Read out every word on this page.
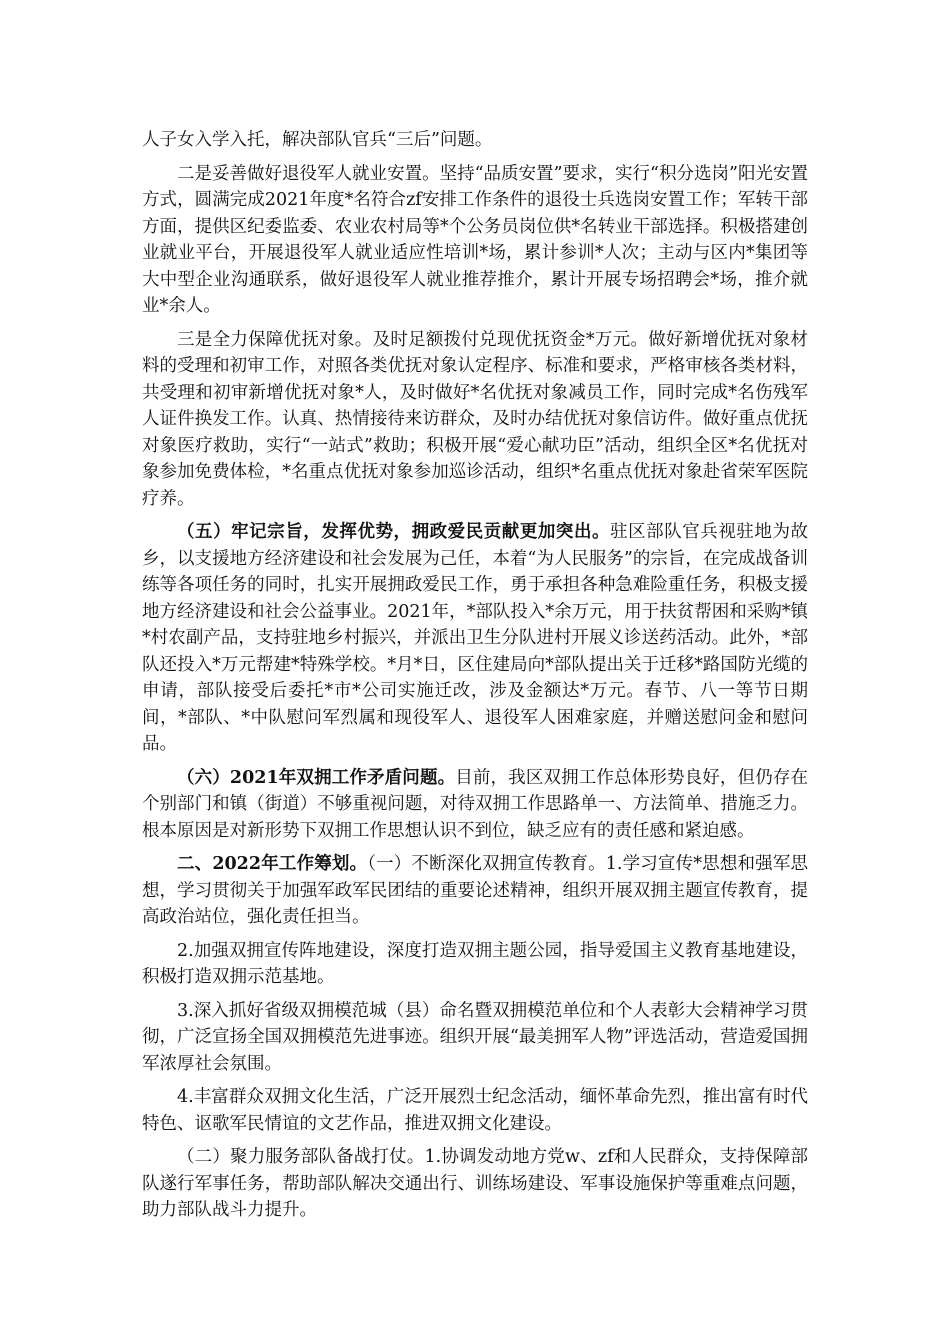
人子女入学入托，解决部队官兵“三后”问题。

二是妥善做好退役军人就业安置。坚持“品质安置”要求，实行“积分选岗”阳光安置方式，圆满完成2021年度*名符合zf安排工作条件的退役士兵选岗安置工作；军转干部方面，提供区纪委监委、农业农村局等*个公务员岗位供*名转业干部选择。积极搭建创业就业平台，开展退役军人就业适应性培训*场，累计参训*人次；主动与区内*集团等大中型企业沟通联系，做好退役军人就业推荐推介，累计开展专场招聘会*场，推介就业*余人。

三是全力保障优抚对象。及时足额拨付兑现优抚资金*万元。做好新增优抚对象材料的受理和初审工作，对照各类优抚对象认定程序、标准和要求，严格审核各类材料，共受理和初审新增优抚对象*人，及时做好*名优抚对象减员工作，同时完成*名伤残军人证件换发工作。认真、热情接待来访群众，及时办结优抚对象信访件。做好重点优抚对象医疗救助，实行“一站式”救助；积极开展“爱心献功臣”活动，组织全区*名优抚对象参加免费体检，*名重点优抚对象参加巡诊活动，组织*名重点优抚对象赴省荣军医院疗养。

（五）牢记宗旨，发挥优势，拥政爱民贡献更加突出。驻区部队官兵视驻地为故乡，以支援地方经济建设和社会发展为己任，本着“为人民服务”的宗旨，在完成战备训练等各项任务的同时，扎实开展拥政爱民工作，勇于承担各种急难险重任务，积极支援地方经济建设和社会公益事业。2021年，*部队投入*余万元，用于扶贫帮困和采购*镇*村农副产品，支持驻地乡村振兴，并派出卫生分队进村开展义诊送药活动。此外，*部队还投入*万元帮建*特殊学校。*月*日，区住建局向*部队提出关于迁移*路国防光缆的申请，部队接受后委托*市*公司实施迁改，涉及金额达*万元。春节、八一等节日期间，*部队、*中队慰问军烈属和现役军人、退役军人困难家庭，并赠送慰问金和慰问品。

（六）2021年双拥工作矛盾问题。目前，我区双拥工作总体形势良好，但仍存在个别部门和镇（街道）不够重视问题，对待双拥工作思路单一、方法简单、措施乏力。根本原因是对新形势下双拥工作思想认识不到位，缺乏应有的责任感和紧迫感。

二、2022年工作筹划。（一）不断深化双拥宣传教育。1.学习宣传*思想和强军思想，学习贯彻关于加强军政军民团结的重要论述精神，组织开展双拥主题宣传教育，提高政治站位，强化责任担当。

2.加强双拥宣传阵地建设，深度打造双拥主题公园，指导爱国主义教育基地建设，积极打造双拥示范基地。

3.深入抓好省级双拥模范城（县）命名暨双拥模范单位和个人表彰大会精神学习贯彻，广泛宣扬全国双拥模范先进事迹。组织开展“最美拥军人物”评选活动，营造爱国拥军浓厚社会氛围。

4.丰富群众双拥文化生活，广泛开展烈士纪念活动，缅怀革命先烈，推出富有时代特色、讴歌军民情谊的文艺作品，推进双拥文化建设。

（二）聚力服务部队备战打仗。1.协调发动地方党w、zf和人民群众，支持保障部队遂行军事任务，帮助部队解决交通出行、训练场建设、军事设施保护等重难点问题，助力部队战斗力提升。
